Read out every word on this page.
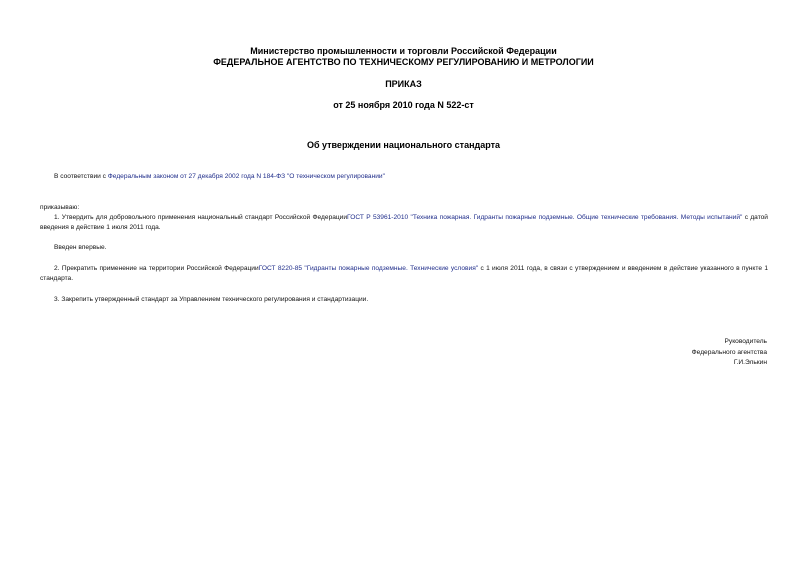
Министерство промышленности и торговли Российской Федерации
ФЕДЕРАЛЬНОЕ АГЕНТСТВО ПО ТЕХНИЧЕСКОМУ РЕГУЛИРОВАНИЮ И МЕТРОЛОГИИ
ПРИКАЗ
от 25 ноября 2010 года N 522-ст
Об утверждении национального стандарта
В соответствии с Федеральным законом от 27 декабря 2002 года N 184-ФЗ "О техническом регулировании"
приказываю:
1. Утвердить для добровольного применения национальный стандарт Российской ФедерацииГОСТ Р 53961-2010 "Техника пожарная. Гидранты пожарные подземные. Общие технические требования. Методы испытаний" с датой введения в действие 1 июля 2011 года.
Введен впервые.
2. Прекратить применение на территории Российской ФедерацииГОСТ 8220-85 "Гидранты пожарные подземные. Технические условия" с 1 июля 2011 года, в связи с утверждением и введением в действие указанного в пункте 1 стандарта.
3. Закрепить утвержденный стандарт за Управлением технического регулирования и стандартизации.
Руководитель
Федерального агентства
Г.И.Элькин
